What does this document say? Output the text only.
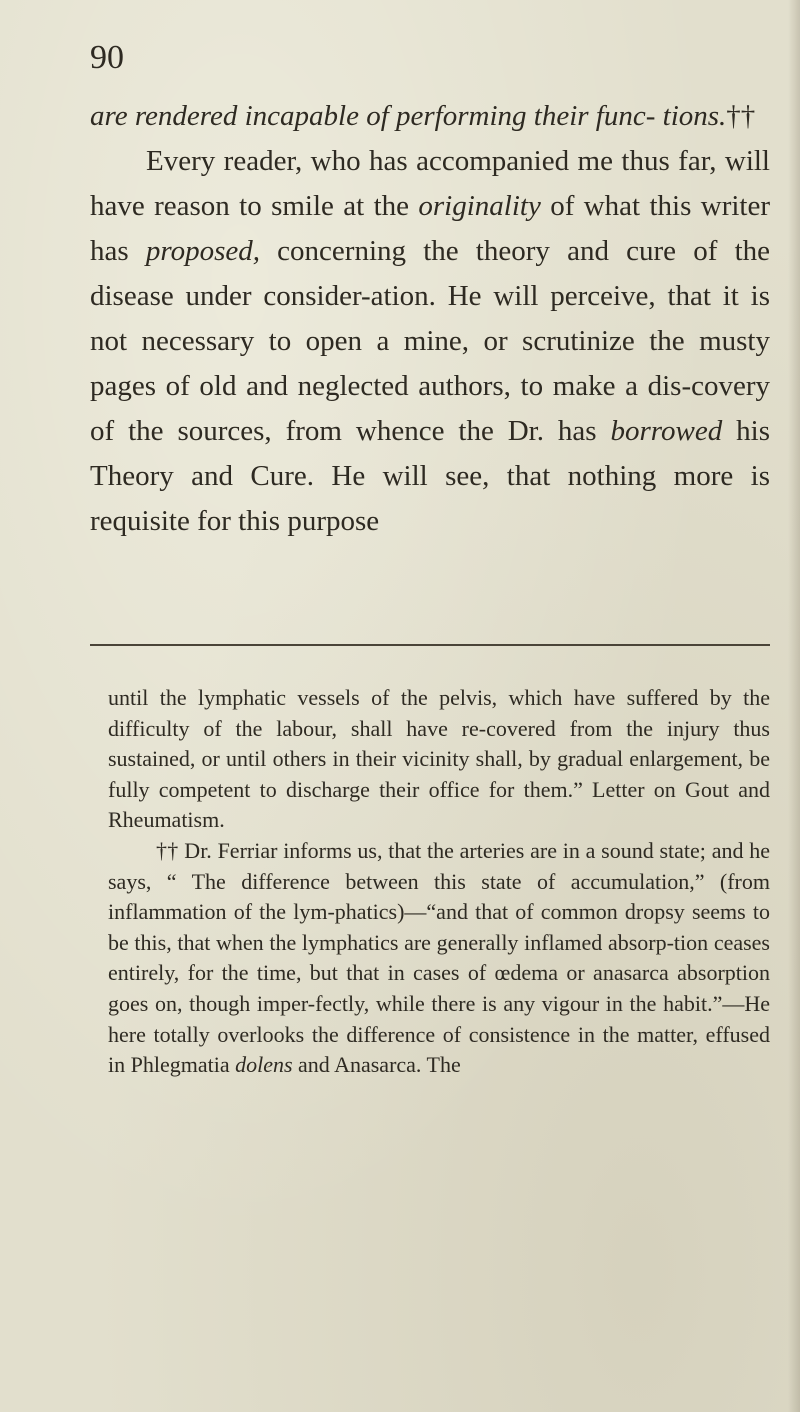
90

are rendered incapable of performing their func- tions.††

Every reader, who has accompanied me thus far, will have reason to smile at the originality of what this writer has proposed, concerning the theory and cure of the disease under consider-ation. He will perceive, that it is not necessary to open a mine, or scrutinize the musty pages of old and neglected authors, to make a dis-covery of the sources, from whence the Dr. has borrowed his Theory and Cure. He will see, that nothing more is requisite for this purpose

until the lymphatic vessels of the pelvis, which have suffered by the difficulty of the labour, shall have re-covered from the injury thus sustained, or until others in their vicinity shall, by gradual enlargement, be fully competent to discharge their office for them.” Letter on Gout and Rheumatism.

†† Dr. Ferriar informs us, that the arteries are in a sound state; and he says, “ The difference between this state of accumulation,” (from inflammation of the lym-phatics)—“and that of common dropsy seems to be this, that when the lymphatics are generally inflamed absorp-tion ceases entirely, for the time, but that in cases of œdema or anasarca absorption goes on, though imper-fectly, while there is any vigour in the habit.”—He here totally overlooks the difference of consistence in the matter, effused in Phlegmatia dolens and Anasarca. The
